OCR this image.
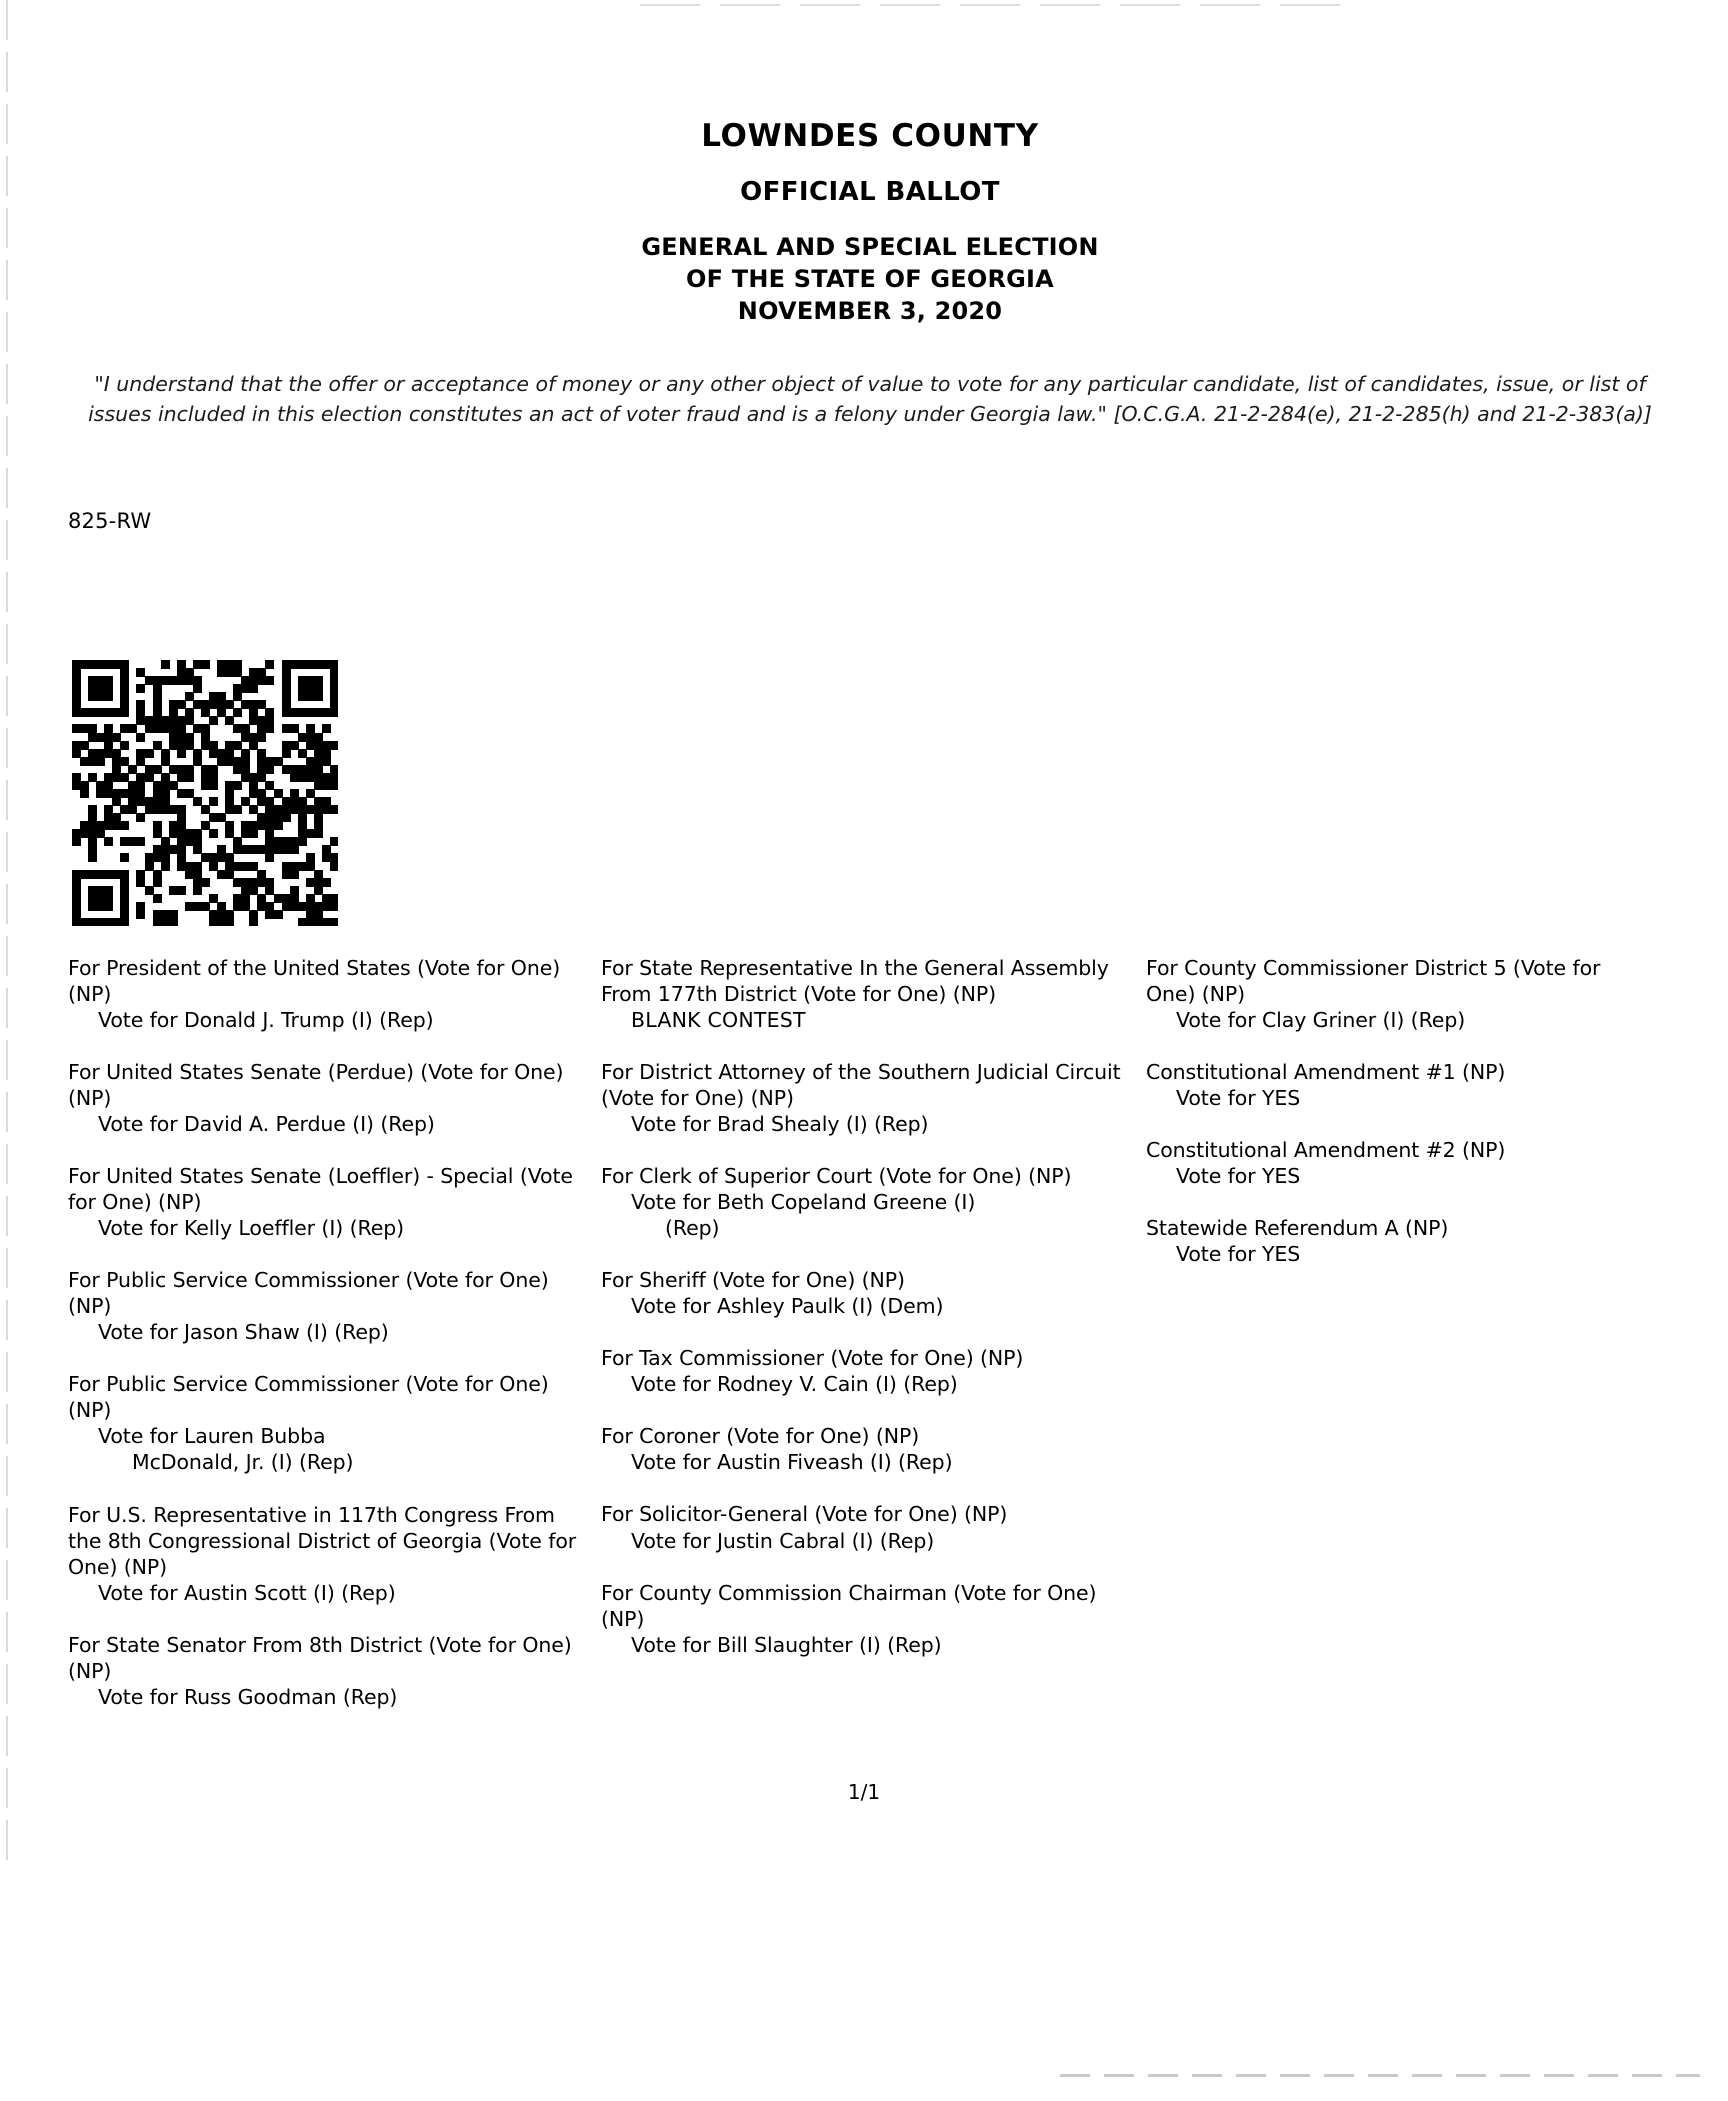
LOWNDES COUNTY
OFFICIAL BALLOT
GENERAL AND SPECIAL ELECTION
OF THE STATE OF GEORGIA
NOVEMBER 3, 2020
"I understand that the offer or acceptance of money or any other object of value to vote for any particular candidate, list of candidates, issue, or list of issues included in this election constitutes an act of voter fraud and is a felony under Georgia law." [O.C.G.A. 21-2-284(e), 21-2-285(h) and 21-2-383(a)]
825-RW
For President of the United States (Vote for One) (NP)
Vote for Donald J. Trump (I) (Rep)
For United States Senate (Perdue) (Vote for One) (NP)
Vote for David A. Perdue (I) (Rep)
For United States Senate (Loeffler) - Special (Vote for One) (NP)
Vote for Kelly Loeffler (I) (Rep)
For Public Service Commissioner (Vote for One) (NP)
Vote for Jason Shaw (I) (Rep)
For Public Service Commissioner (Vote for One) (NP)
Vote for Lauren Bubba
McDonald, Jr. (I) (Rep)
For U.S. Representative in 117th Congress From the 8th Congressional District of Georgia (Vote for One) (NP)
Vote for Austin Scott (I) (Rep)
For State Senator From 8th District (Vote for One) (NP)
Vote for Russ Goodman (Rep)
For State Representative In the General Assembly From 177th District (Vote for One) (NP)
BLANK CONTEST
For District Attorney of the Southern Judicial Circuit (Vote for One) (NP)
Vote for Brad Shealy (I) (Rep)
For Clerk of Superior Court (Vote for One) (NP)
Vote for Beth Copeland Greene (I)
(Rep)
For Sheriff (Vote for One) (NP)
Vote for Ashley Paulk (I) (Dem)
For Tax Commissioner (Vote for One) (NP)
Vote for Rodney V. Cain (I) (Rep)
For Coroner (Vote for One) (NP)
Vote for Austin Fiveash (I) (Rep)
For Solicitor-General (Vote for One) (NP)
Vote for Justin Cabral (I) (Rep)
For County Commission Chairman (Vote for One) (NP)
Vote for Bill Slaughter (I) (Rep)
For County Commissioner District 5 (Vote for One) (NP)
Vote for Clay Griner (I) (Rep)
Constitutional Amendment #1 (NP)
Vote for YES
Constitutional Amendment #2 (NP)
Vote for YES
Statewide Referendum A (NP)
Vote for YES
1/1
